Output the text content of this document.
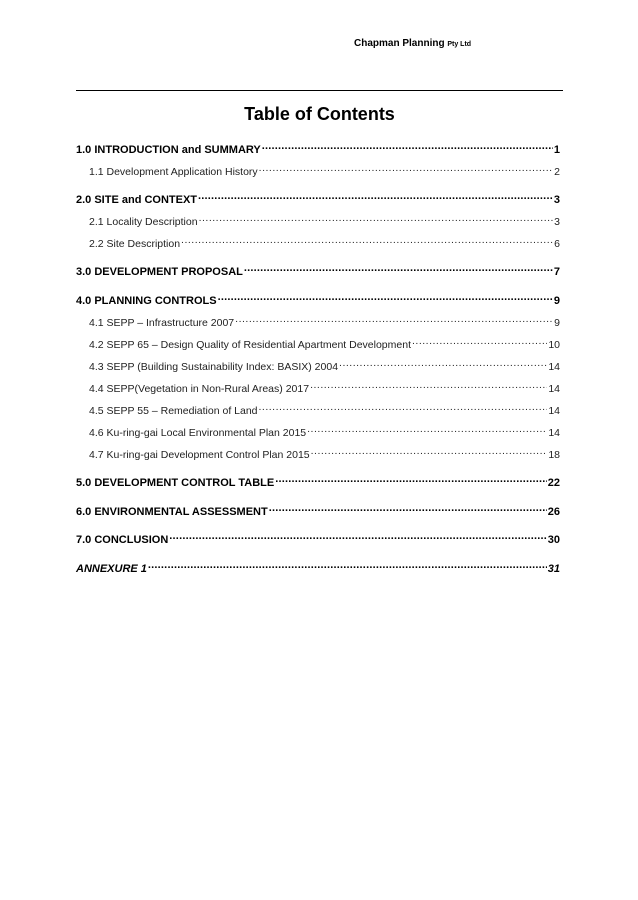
Chapman Planning Pty Ltd
Table of Contents
1.0 INTRODUCTION and SUMMARY .....	1
1.1 Development Application History .....	2
2.0 SITE and CONTEXT .....	3
2.1 Locality Description .....	3
2.2 Site Description .....	6
3.0 DEVELOPMENT PROPOSAL .....	7
4.0 PLANNING CONTROLS .....	9
4.1 SEPP – Infrastructure 2007 .....	9
4.2 SEPP 65 – Design Quality of Residential Apartment Development .....	10
4.3 SEPP (Building Sustainability Index: BASIX) 2004 .....	14
4.4 SEPP(Vegetation in Non-Rural Areas) 2017 .....	14
4.5 SEPP 55 – Remediation of Land .....	14
4.6 Ku-ring-gai Local Environmental Plan 2015 .....	14
4.7 Ku-ring-gai Development Control Plan 2015 .....	18
5.0 DEVELOPMENT CONTROL TABLE .....	22
6.0 ENVIRONMENTAL ASSESSMENT .....	26
7.0 CONCLUSION .....	30
ANNEXURE 1 .....	31
